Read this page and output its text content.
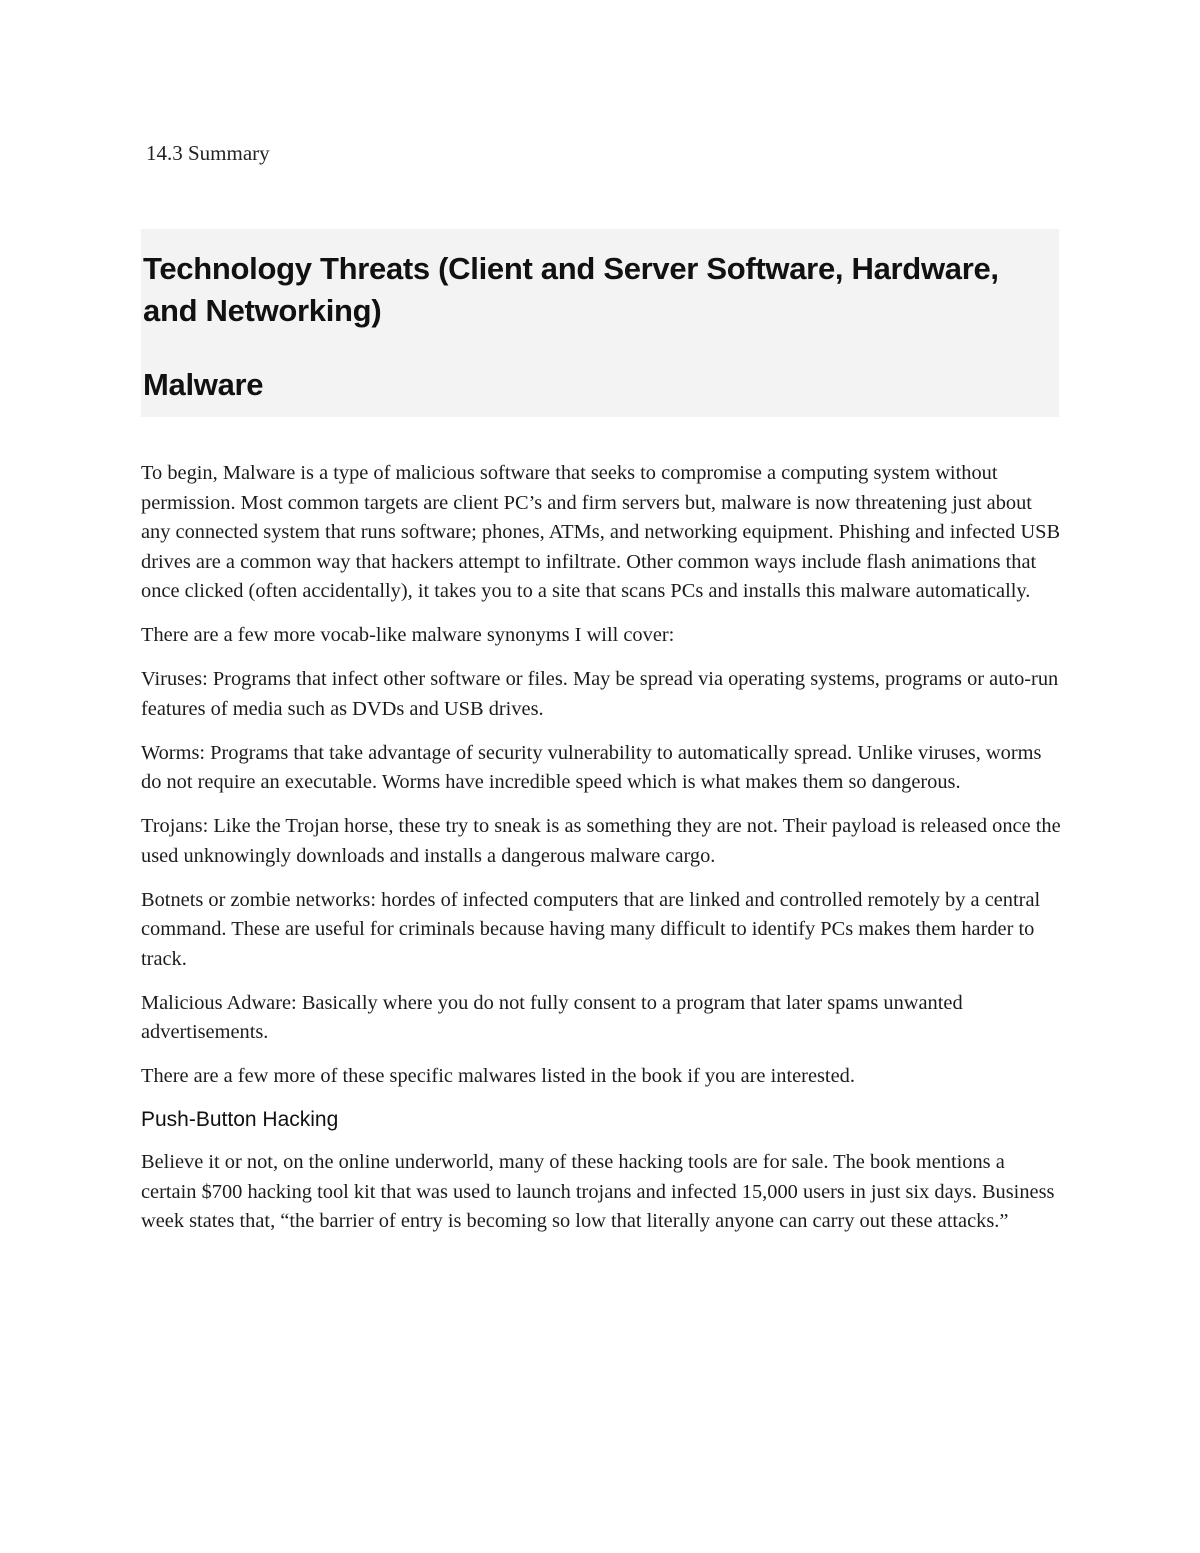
14.3 Summary

Technology Threats (Client and Server Software, Hardware, and Networking)
Malware

To begin, Malware is a type of malicious software that seeks to compromise a computing system without permission. Most common targets are client PC’s and firm servers but, malware is now threatening just about any connected system that runs software; phones, ATMs, and networking equipment. Phishing and infected USB drives are a common way that hackers attempt to infiltrate. Other common ways include flash animations that once clicked (often accidentally), it takes you to a site that scans PCs and installs this malware automatically.

There are a few more vocab-like malware synonyms I will cover:

Viruses: Programs that infect other software or files. May be spread via operating systems, programs or auto-run features of media such as DVDs and USB drives.

Worms: Programs that take advantage of security vulnerability to automatically spread. Unlike viruses, worms do not require an executable. Worms have incredible speed which is what makes them so dangerous.

Trojans: Like the Trojan horse, these try to sneak is as something they are not. Their payload is released once the used unknowingly downloads and installs a dangerous malware cargo.

Botnets or zombie networks: hordes of infected computers that are linked and controlled remotely by a central command. These are useful for criminals because having many difficult to identify PCs makes them harder to track.

Malicious Adware: Basically where you do not fully consent to a program that later spams unwanted advertisements.

There are a few more of these specific malwares listed in the book if you are interested.

Push-Button Hacking

Believe it or not, on the online underworld, many of these hacking tools are for sale. The book mentions a certain $700 hacking tool kit that was used to launch trojans and infected 15,000 users in just six days. Business week states that, “the barrier of entry is becoming so low that literally anyone can carry out these attacks.”
